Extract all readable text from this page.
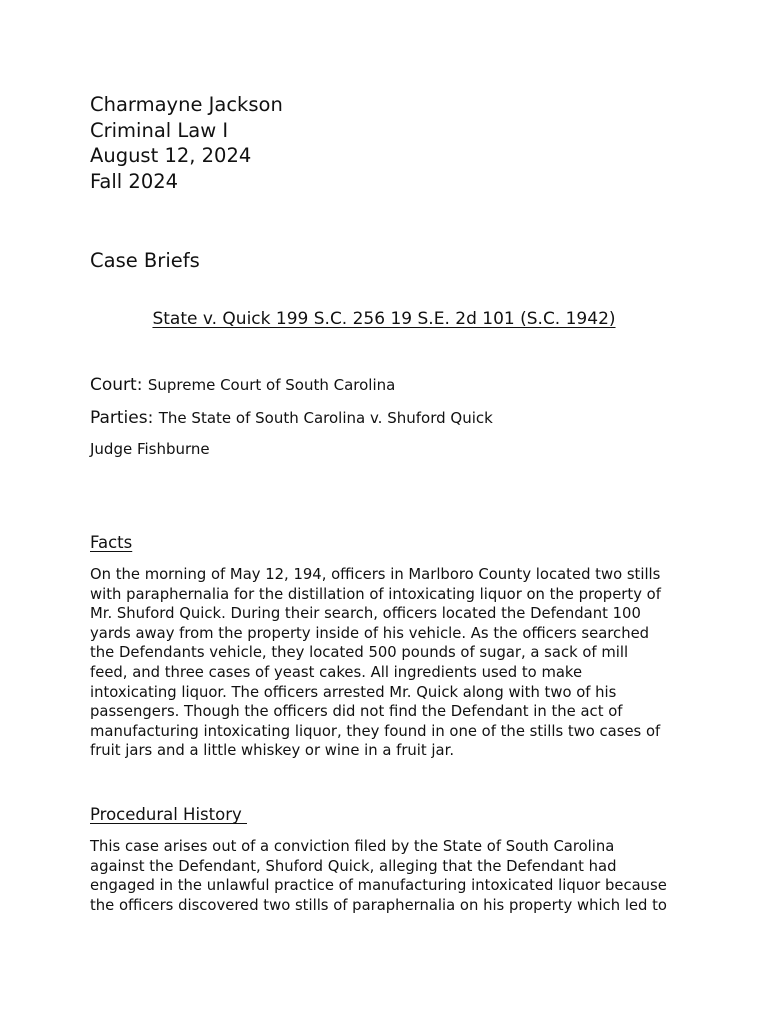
Charmayne Jackson
Criminal Law I
August 12, 2024
Fall 2024
Case Briefs
State v. Quick 199 S.C. 256 19 S.E. 2d 101 (S.C. 1942)
Court: Supreme Court of South Carolina
Parties: The State of South Carolina v. Shuford Quick
Judge Fishburne
Facts
On the morning of May 12, 194, officers in Marlboro County located two stills
with paraphernalia for the distillation of intoxicating liquor on the property of
Mr. Shuford Quick. During their search, officers located the Defendant 100
yards away from the property inside of his vehicle. As the officers searched
the Defendants vehicle, they located 500 pounds of sugar, a sack of mill
feed, and three cases of yeast cakes. All ingredients used to make
intoxicating liquor. The officers arrested Mr. Quick along with two of his
passengers. Though the officers did not find the Defendant in the act of
manufacturing intoxicating liquor, they found in one of the stills two cases of
fruit jars and a little whiskey or wine in a fruit jar.
Procedural History
This case arises out of a conviction filed by the State of South Carolina
against the Defendant, Shuford Quick, alleging that the Defendant had
engaged in the unlawful practice of manufacturing intoxicated liquor because
the officers discovered two stills of paraphernalia on his property which led to
